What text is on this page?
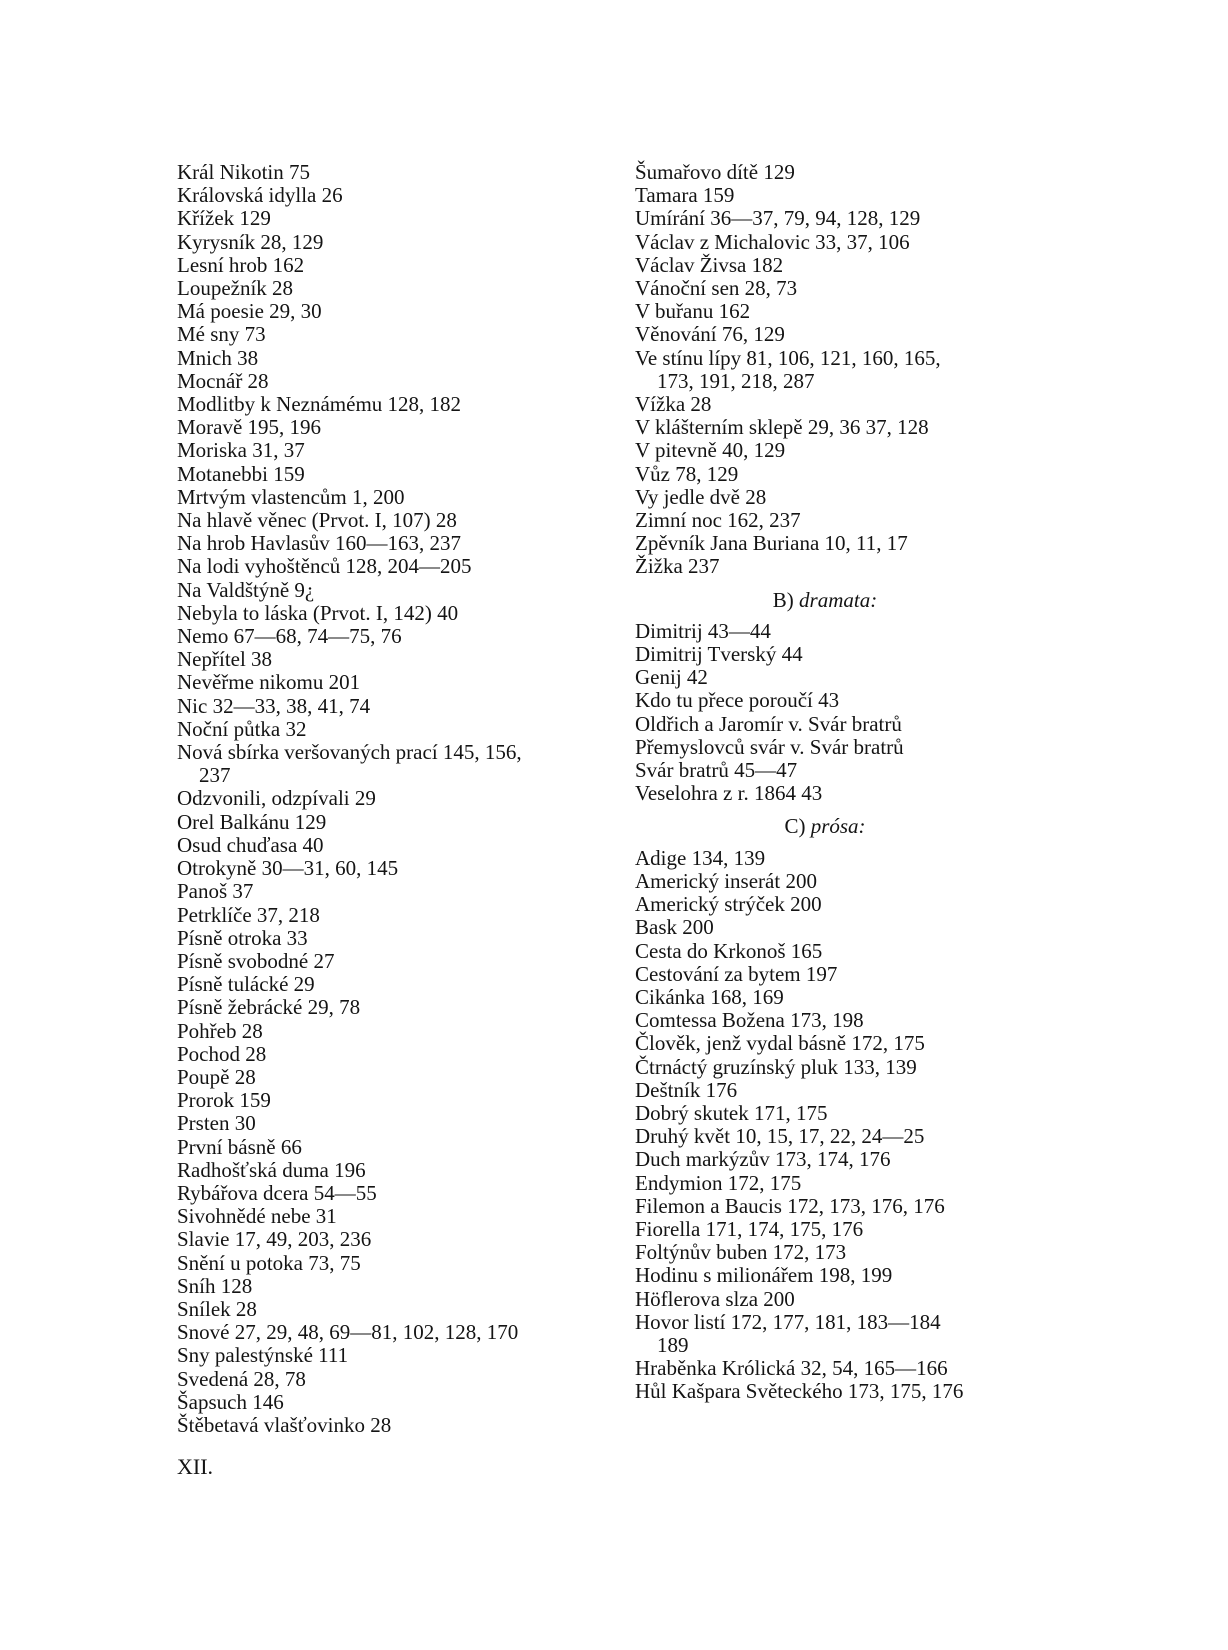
Král Nikotin 75
Královská idylla 26
Křížek 129
Kyrysník 28, 129
Lesní hrob 162
Loupežník 28
Má poesie 29, 30
Mé sny 73
Mnich 38
Mocnář 28
Modlitby k Neznámému 128, 182
Moravě 195, 196
Moriska 31, 37
Motanebbi 159
Mrtvým vlastencům 1, 200
Na hlavě věnec (Prvot. I, 107) 28
Na hrob Havlasův 160—163, 237
Na lodi vyhoštěnců 128, 204—205
Na Valdštýně 9¿
Nebyla to láska (Prvot. I, 142) 40
Nemo 67—68, 74—75, 76
Nepřítel 38
Nevěřme nikomu 201
Nic 32—33, 38, 41, 74
Noční půtka 32
Nová sbírka veršovaných prací 145, 156,
237
Odzvonili, odzpívali 29
Orel Balkánu 129
Osud chuďasa 40
Otrokyně 30—31, 60, 145
Panoš 37
Petrklíče 37, 218
Písně otroka 33
Písně svobodné 27
Písně tulácké 29
Písně žebrácké 29, 78
Pohřeb 28
Pochod 28
Poupě 28
Prorok 159
Prsten 30
První básně 66
Radhošťská duma 196
Rybářova dcera 54—55
Sivohnědé nebe 31
Slavie 17, 49, 203, 236
Snění u potoka 73, 75
Sníh 128
Snílek 28
Snové 27, 29, 48, 69—81, 102, 128, 170
Sny palestýnské 111
Svedená 28, 78
Šapsuch 146
Štěbetavá vlašťovinko 28
Šumařovo dítě 129
Tamara 159
Umírání 36—37, 79, 94, 128, 129
Václav z Michalovic 33, 37, 106
Václav Živsa 182
Vánoční sen 28, 73
V buřanu 162
Věnování 76, 129
Ve stínu lípy 81, 106, 121, 160, 165,
173, 191, 218, 287
Vížka 28
V klášterním sklepě 29, 36 37, 128
V pitevně 40, 129
Vůz 78, 129
Vy jedle dvě 28
Zimní noc 162, 237
Zpěvník Jana Buriana 10, 11, 17
Žižka 237
B) dramata:
Dimitrij 43—44
Dimitrij Tverský 44
Genij 42
Kdo tu přece poroučí 43
Oldřich a Jaromír v. Svár bratrů
Přemyslovců svár v. Svár bratrů
Svár bratrů 45—47
Veselohra z r. 1864 43
C) prósa:
Adige 134, 139
Americký inserát 200
Americký strýček 200
Bask 200
Cesta do Krkonoš 165
Cestování za bytem 197
Cikánka 168, 169
Comtessa Božena 173, 198
Člověk, jenž vydal básně 172, 175
Čtrnáctý gruzínský pluk 133, 139
Deštník 176
Dobrý skutek 171, 175
Druhý květ 10, 15, 17, 22, 24—25
Duch markýzův 173, 174, 176
Endymion 172, 175
Filemon a Baucis 172, 173, 176, 176
Fiorella 171, 174, 175, 176
Foltýnův buben 172, 173
Hodinu s milionářem 198, 199
Höflerova slza 200
Hovor listí 172, 177, 181, 183—184
189
Hraběnka Królická 32, 54, 165—166
Hůl Kašpara Světeckého 173, 175, 176
XII.
